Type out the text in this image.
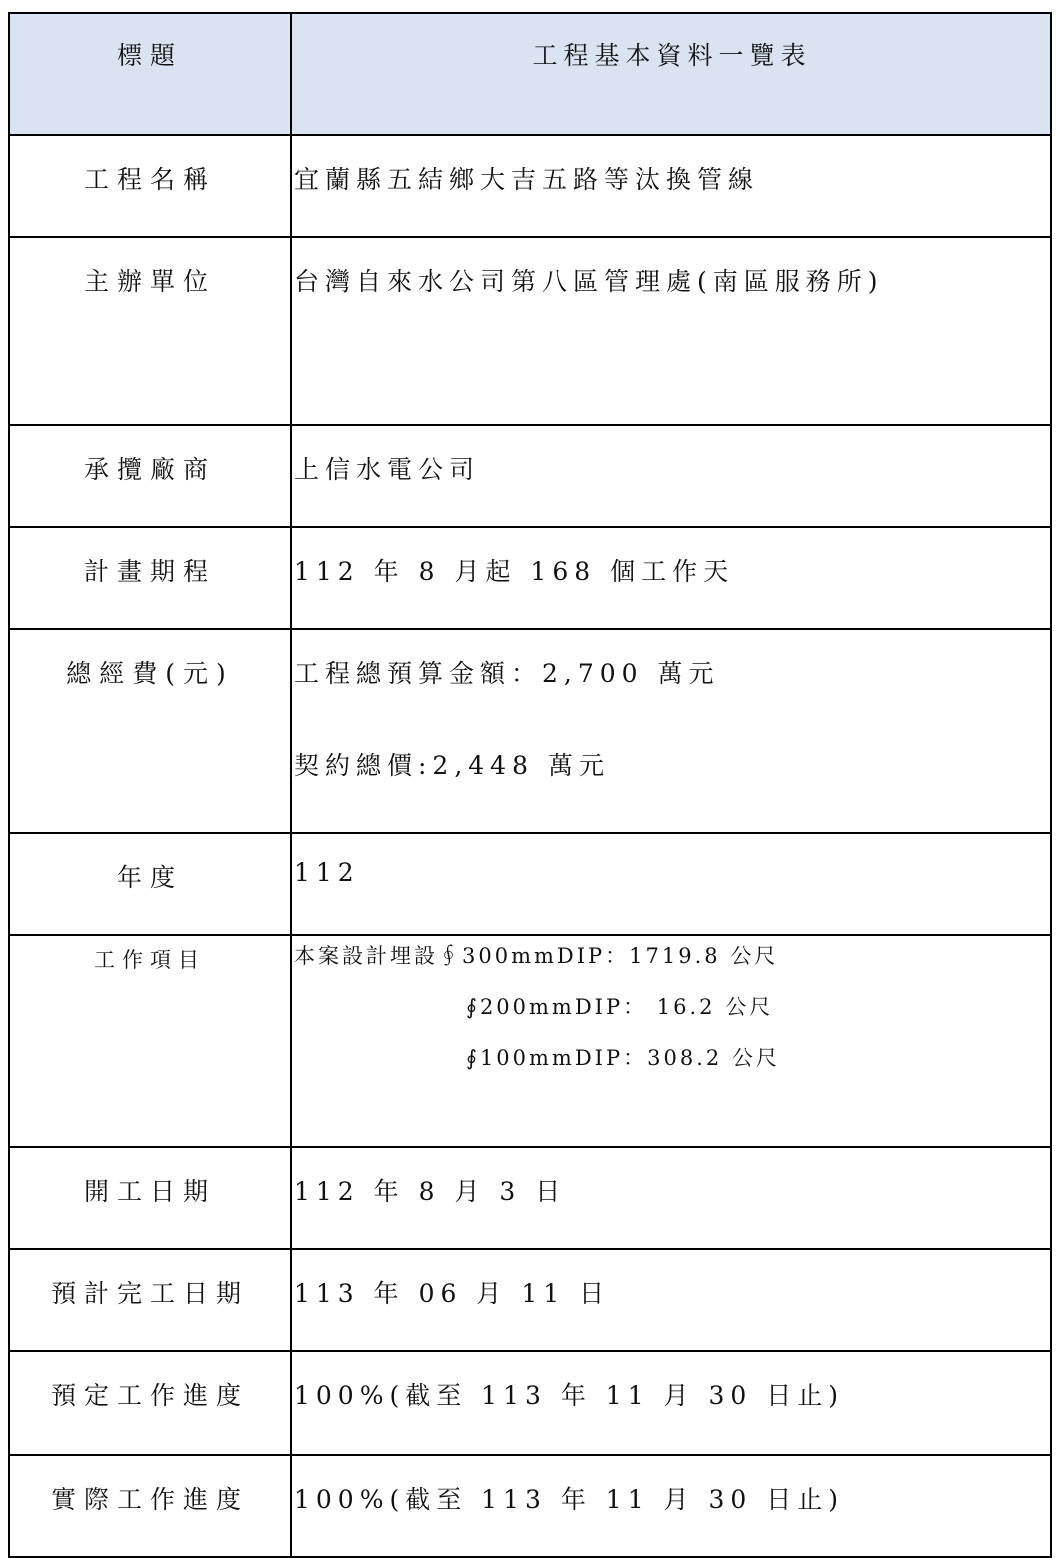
標題	工程基本資料一覽表
工程名稱	宜蘭縣五結鄉大吉五路等汰換管線
主辦單位	台灣自來水公司第八區管理處(南區服務所)
承攬廠商	上信水電公司
計畫期程	112 年 8 月起 168 個工作天
總經費(元)	工程總預算金額：2,700 萬元
契約總價:2,448 萬元

年度	112
工作項目	本案設計埋設∮300mmDIP：1719.8 公尺
∮200mmDIP： 16.2 公尺
∮100mmDIP：308.2 公尺

開工日期	112 年 8 月 3 日
預計完工日期	113 年 06 月 11 日
預定工作進度	100%(截至 113 年 11 月 30 日止)
實際工作進度	100%(截至 113 年 11 月 30 日止)
